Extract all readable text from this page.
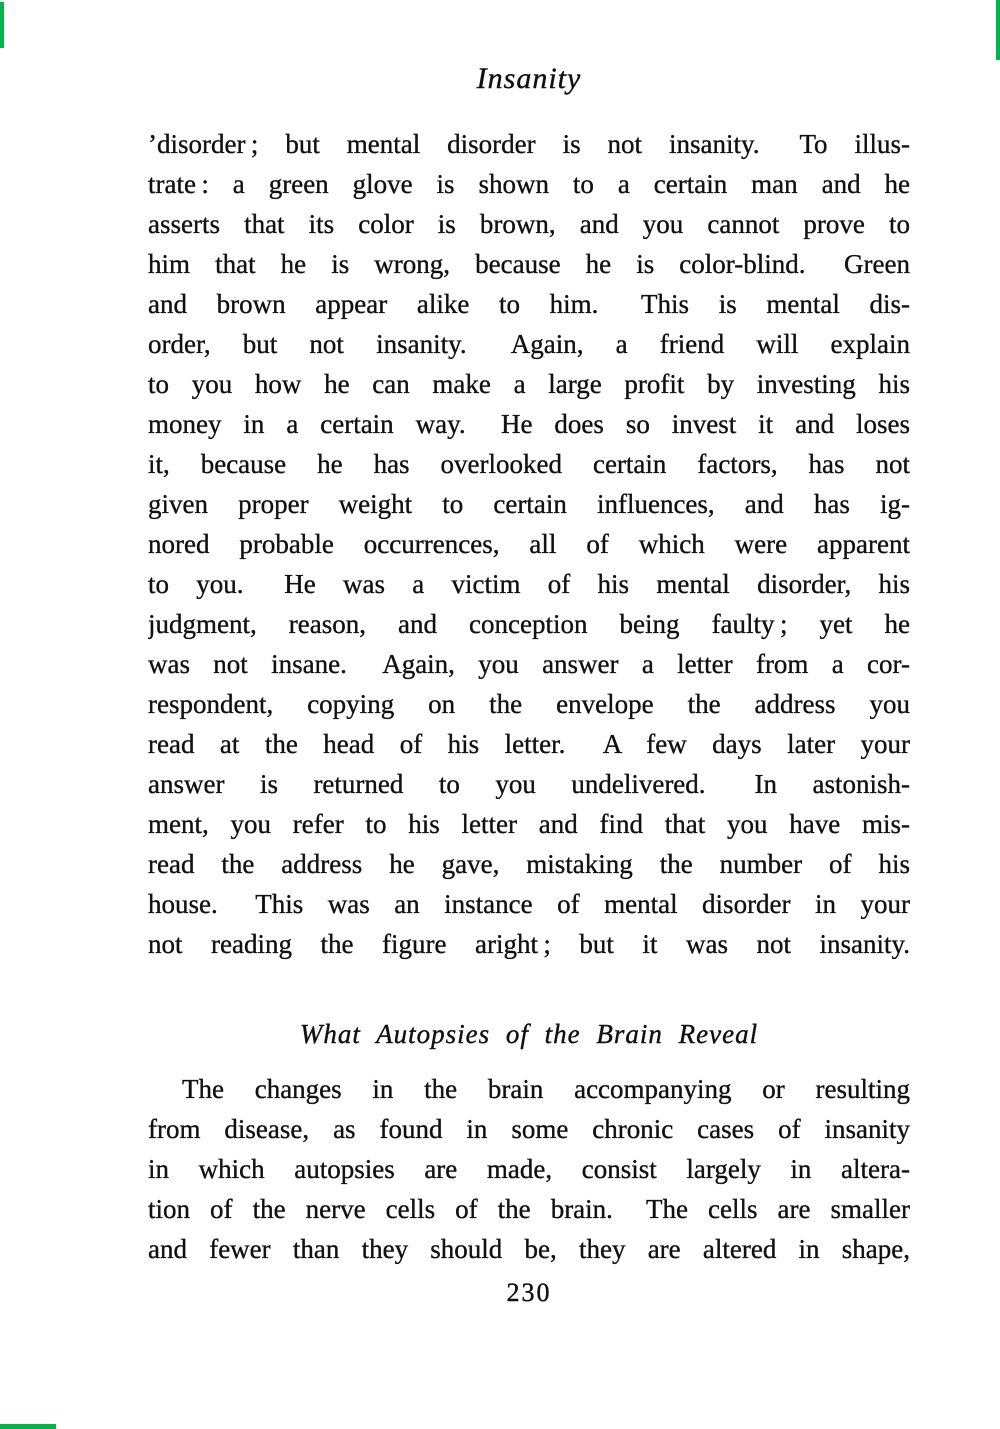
Insanity
’disorder ; but mental disorder is not insanity.  To illus-
trate : a green glove is shown to a certain man and he
asserts that its color is brown, and you cannot prove to
him that he is wrong, because he is color-blind.  Green
and brown appear alike to him.  This is mental dis-
order, but not insanity.  Again, a friend will explain
to you how he can make a large profit by investing his
money in a certain way.  He does so invest it and loses
it, because he has overlooked certain factors, has not
given proper weight to certain influences, and has ig-
nored probable occurrences, all of which were apparent
to you.  He was a victim of his mental disorder, his
judgment, reason, and conception being faulty ; yet he
was not insane.  Again, you answer a letter from a cor-
respondent, copying on the envelope the address you
read at the head of his letter.  A few days later your
answer is returned to you undelivered.  In astonish-
ment, you refer to his letter and find that you have mis-
read the address he gave, mistaking the number of his
house.  This was an instance of mental disorder in your
not reading the figure aright ; but it was not insanity.
What Autopsies of the Brain Reveal
The changes in the brain accompanying or resulting
from disease, as found in some chronic cases of insanity
in which autopsies are made, consist largely in altera-
tion of the nerve cells of the brain.  The cells are smaller
and fewer than they should be, they are altered in shape,
230
